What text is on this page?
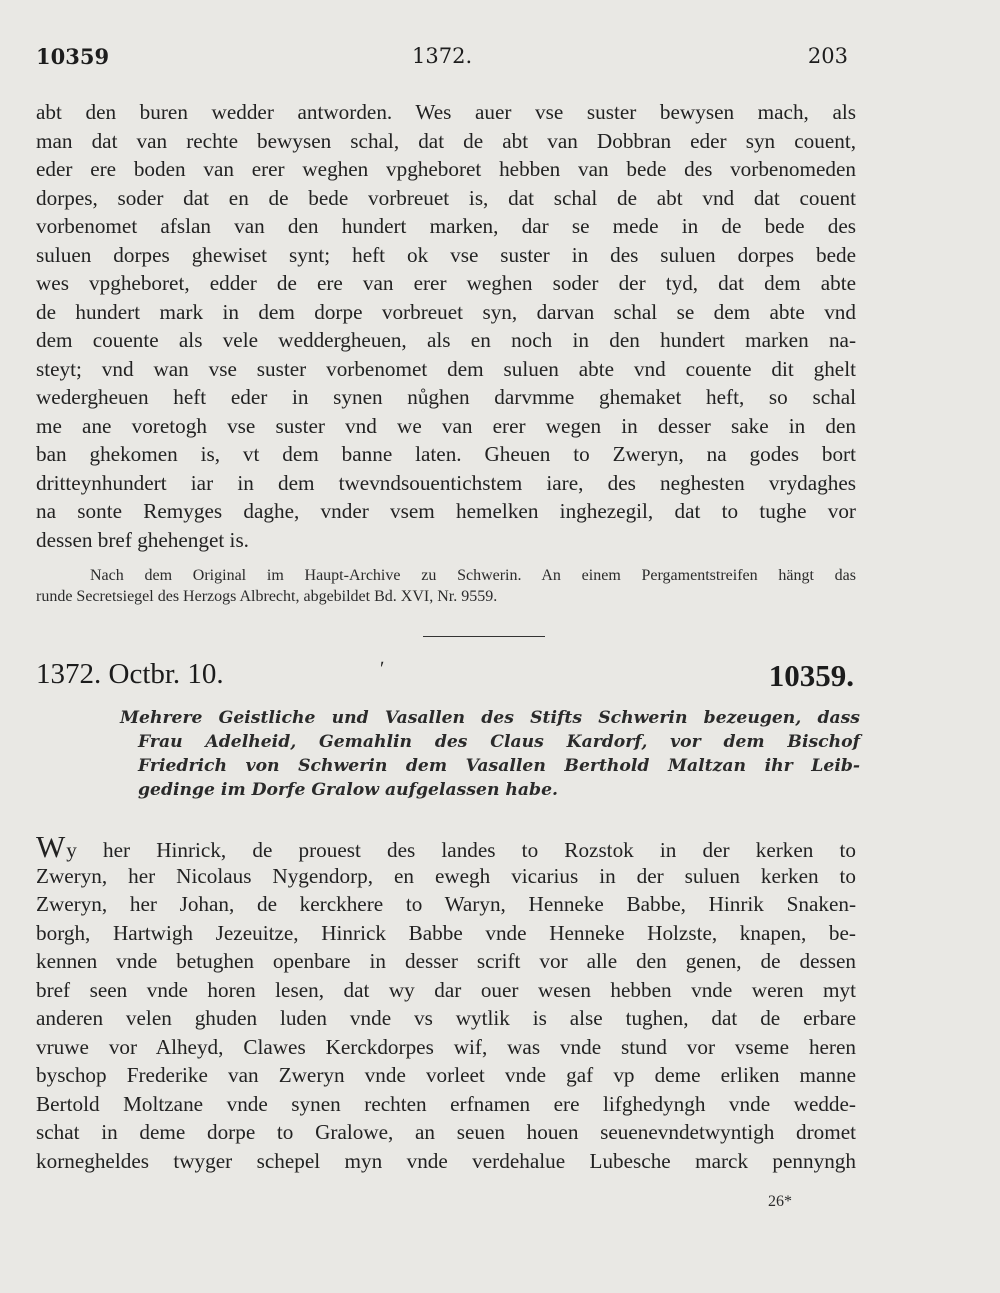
10359	1372.	203
abt den buren wedder antworden. Wes auer vse suster bewysen mach, als
man dat van rechte bewysen schal, dat de abt van Dobbran eder syn couent,
eder ere boden van erer weghen vpgheboret hebben van bede des vorbenomeden
dorpes, soder dat en de bede vorbreuet is, dat schal de abt vnd dat couent
vorbenomet afslan van den hundert marken, dar se mede in de bede des
suluen dorpes ghewiset synt; heft ok vse suster in des suluen dorpes bede
wes vpgheboret, edder de ere van erer weghen soder der tyd, dat dem abte
de hundert mark in dem dorpe vorbreuet syn, darvan schal se dem abte vnd
dem couente als vele weddergheuen, als en noch in den hundert marken na-
steyt; vnd wan vse suster vorbenomet dem suluen abte vnd couente dit ghelt
wedergheuen heft eder in synen nůghen darvmme ghemaket heft, so schal
me ane voretogh vse suster vnd we van erer wegen in desser sake in den
ban ghekomen is, vt dem banne laten. Gheuen to Zweryn, na godes bort
dritteynhundert iar in dem twevndsouentichstem iare, des neghesten vrydaghes
na sonte Remyges daghe, vnder vsem hemelken inghezegil, dat to tughe vor
dessen bref ghehenget is.
Nach dem Original im Haupt-Archive zu Schwerin. An einem Pergamentstreifen hängt das
runde Secretsiegel des Herzogs Albrecht, abgebildet Bd. XVI, Nr. 9559.
1372. Octbr. 10.	ʹ	10359.
Mehrere Geistliche und Vasallen des Stifts Schwerin bezeugen, dass
Frau Adelheid, Gemahlin des Claus Kardorf, vor dem Bischof
Friedrich von Schwerin dem Vasallen Berthold Maltzan ihr Leib-
gedinge im Dorfe Gralow aufgelassen habe.
Wy her Hinrick, de prouest des landes to Rozstok in der kerken to
Zweryn, her Nicolaus Nygendorp, en ewegh vicarius in der suluen kerken to
Zweryn, her Johan, de kerckhere to Waryn, Henneke Babbe, Hinrik Snaken-
borgh, Hartwigh Jezeuitze, Hinrick Babbe vnde Henneke Holzste, knapen, be-
kennen vnde betughen openbare in desser scrift vor alle den genen, de dessen
bref seen vnde horen lesen, dat wy dar ouer wesen hebben vnde weren myt
anderen velen ghuden luden vnde vs wytlik is alse tughen, dat de erbare
vruwe vor Alheyd, Clawes Kerckdorpes wif, was vnde stund vor vseme heren
byschop Frederike van Zweryn vnde vorleet vnde gaf vp deme erliken manne
Bertold Moltzane vnde synen rechten erfnamen ere lifghedyngh vnde wedde-
schat in deme dorpe to Gralowe, an seuen houen seuenevndetwyntigh dromet
kornegheldes twyger schepel myn vnde verdehalue Lubesche marck pennyngh
26*
